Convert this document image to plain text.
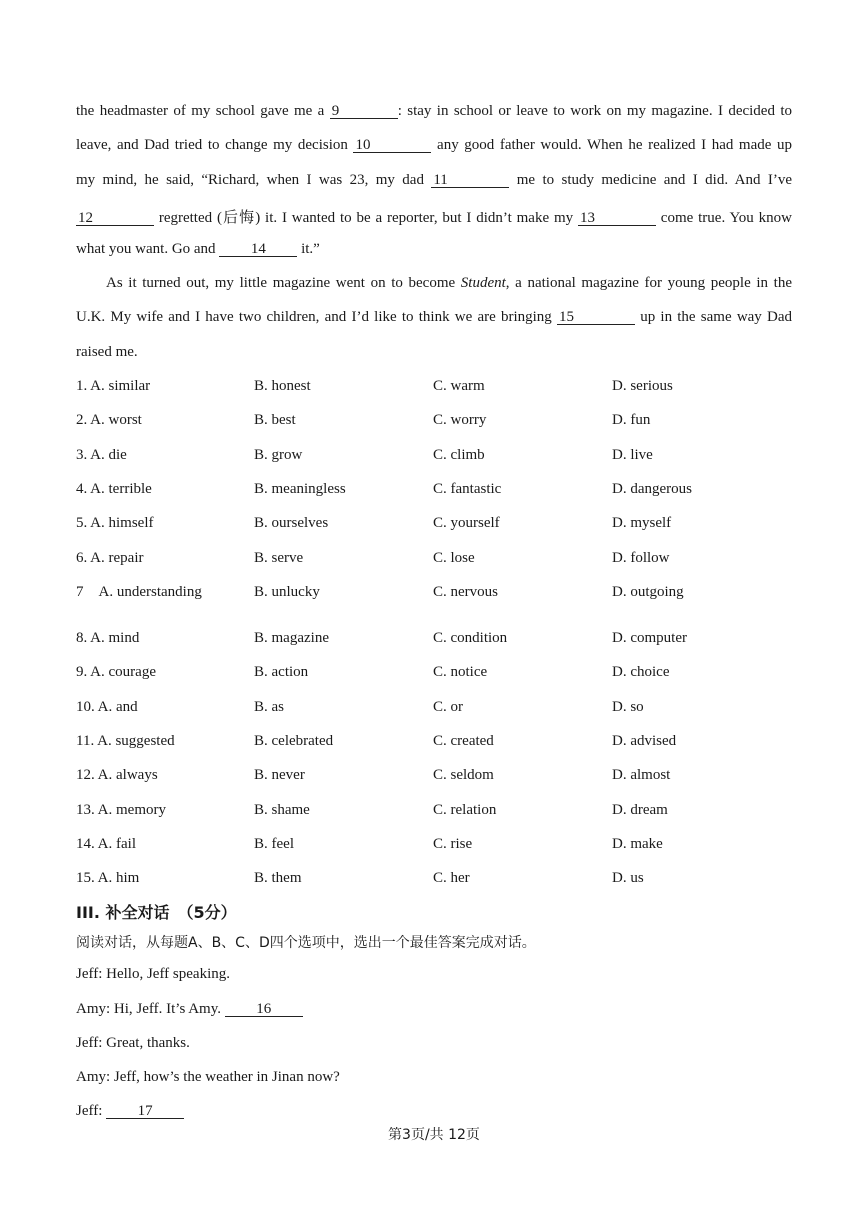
the headmaster of my school gave me a 9	: stay in school or leave to work on my magazine. I decided to
leave, and Dad tried to change my decision 10	any good father would. When he realized I had made up
my mind, he said, “Richard, when I was 23, my dad 11	me to study medicine and I did. And I’ve
12	regretted (后悔) it. I wanted to be a reporter, but I didn’t make my 13	come true. You know
what you want. Go and 14 it.”
As it turned out, my little magazine went on to become Student, a national magazine for young people in the
U.K. My wife and I have two children, and I’d like to think we are bringing 15	up in the same way Dad
raised me.
1. A. similar	B. honest	C. warm	D. serious
2. A. worst	B. best	C. worry	D. fun
3. A. die	B. grow	C. climb	D. live
4. A. terrible	B. meaningless	C. fantastic	D. dangerous
5. A. himself	B. ourselves	C. yourself	D. myself
6. A. repair	B. serve	C. lose	D. follow
7 A. understanding	B. unlucky	C. nervous	D. outgoing
8. A. mind	B. magazine	C. condition	D. computer
9. A. courage	B. action	C. notice	D. choice
10. A. and	B. as	C. or	D. so
11. A. suggested	B. celebrated	C. created	D. advised
12. A. always	B. never	C. seldom	D. almost
13. A. memory	B. shame	C. relation	D. dream
14. A. fail	B. feel	C. rise	D. make
15. A. him	B. them	C. her	D. us
III. 补全对话　（5分）
阅读对话，从每题A、B、C、D四个选项中，选出一个最佳答案完成对话。
Jeff: Hello, Jeff speaking.
Amy: Hi, Jeff. It’s Amy. 16
Jeff: Great, thanks.
Amy: Jeff, how’s the weather in Jinan now?
Jeff: 17
第3页/共 12页
